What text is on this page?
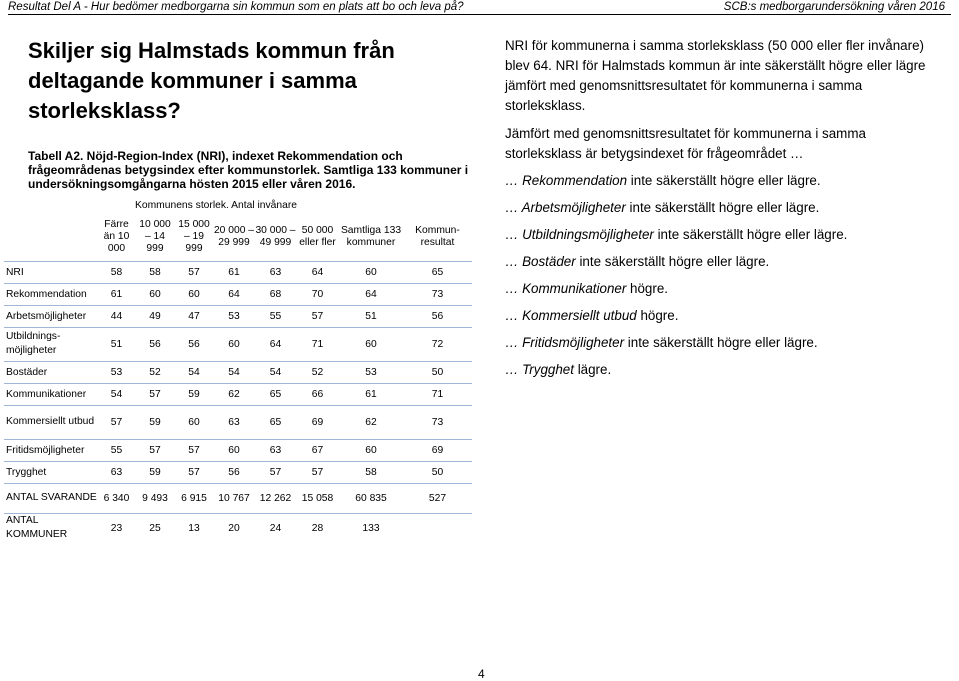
Resultat Del A - Hur bedömer medborgarna sin kommun som en plats att bo och leva på?	SCB:s medborgarundersökning våren 2016
Skiljer sig Halmstads kommun från deltagande kommuner i samma storleksklass?
Tabell A2. Nöjd-Region-Index (NRI), indexet Rekommendation och frågeområdenas betygsindex efter kommunstorlek. Samtliga 133 kommuner i undersökningsomgångarna hösten 2015 eller våren 2016.
		Kommunens storlek. Antal invånare						
	Färre än 10 000	10 000 – 14 999	15 000 – 19 999	20 000 – 29 999	30 000 – 49 999	50 000 eller fler	Samtliga 133 kommuner	Kommun-resultat
NRI	58	58	57	61	63	64	60	65
Rekommendation	61	60	60	64	68	70	64	73
Arbetsmöjligheter	44	49	47	53	55	57	51	56
Utbildnings-möjligheter	51	56	56	60	64	71	60	72
Bostäder	53	52	54	54	54	52	53	50
Kommunikationer	54	57	59	62	65	66	61	71
Kommersiellt utbud	57	59	60	63	65	69	62	73
Fritidsmöjligheter	55	57	57	60	63	67	60	69
Trygghet	63	59	57	56	57	57	58	50
ANTAL SVARANDE	6 340	9 493	6 915	10 767	12 262	15 058	60 835	527
ANTAL KOMMUNER	23	25	13	20	24	28	133	

NRI för kommunerna i samma storleksklass (50 000 eller fler invånare) blev 64. NRI för Halmstads kommun är inte säkerställt högre eller lägre jämfört med genomsnittsresultatet för kommunerna i samma storleksklass.

Jämfört med genomsnittsresultatet för kommunerna i samma storleksklass är betygsindexet för frågeområdet …

… Rekommendation inte säkerställt högre eller lägre.

… Arbetsmöjligheter inte säkerställt högre eller lägre.

… Utbildningsmöjligheter inte säkerställt högre eller lägre.

… Bostäder inte säkerställt högre eller lägre.

… Kommunikationer högre.

… Kommersiellt utbud högre.

… Fritidsmöjligheter inte säkerställt högre eller lägre.

… Trygghet lägre.

4
